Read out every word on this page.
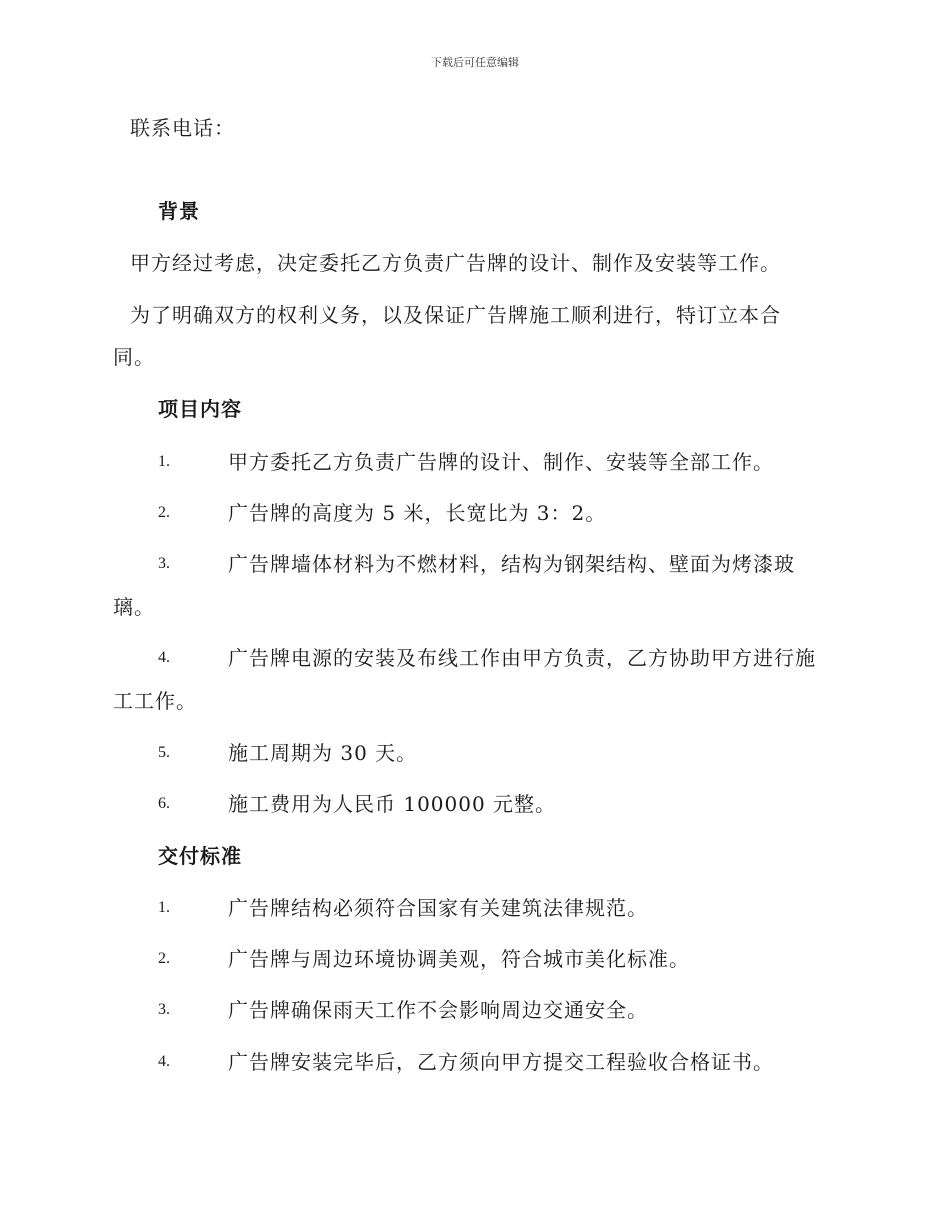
下载后可任意编辑
联系电话：
背景
甲方经过考虑，决定委托乙方负责广告牌的设计、制作及安装等工作。
为了明确双方的权利义务，以及保证广告牌施工顺利进行，特订立本合
同。
项目内容
1.	甲方委托乙方负责广告牌的设计、制作、安装等全部工作。
2.	广告牌的高度为 5 米，长宽比为 3：2。
3.	广告牌墙体材料为不燃材料，结构为钢架结构、壁面为烤漆玻
璃。
4.	广告牌电源的安装及布线工作由甲方负责，乙方协助甲方进行施
工工作。
5.	施工周期为 30 天。
6.	施工费用为人民币 100000 元整。
交付标准
1.	广告牌结构必须符合国家有关建筑法律规范。
2.	广告牌与周边环境协调美观，符合城市美化标准。
3.	广告牌确保雨天工作不会影响周边交通安全。
4.	广告牌安装完毕后，乙方须向甲方提交工程验收合格证书。
